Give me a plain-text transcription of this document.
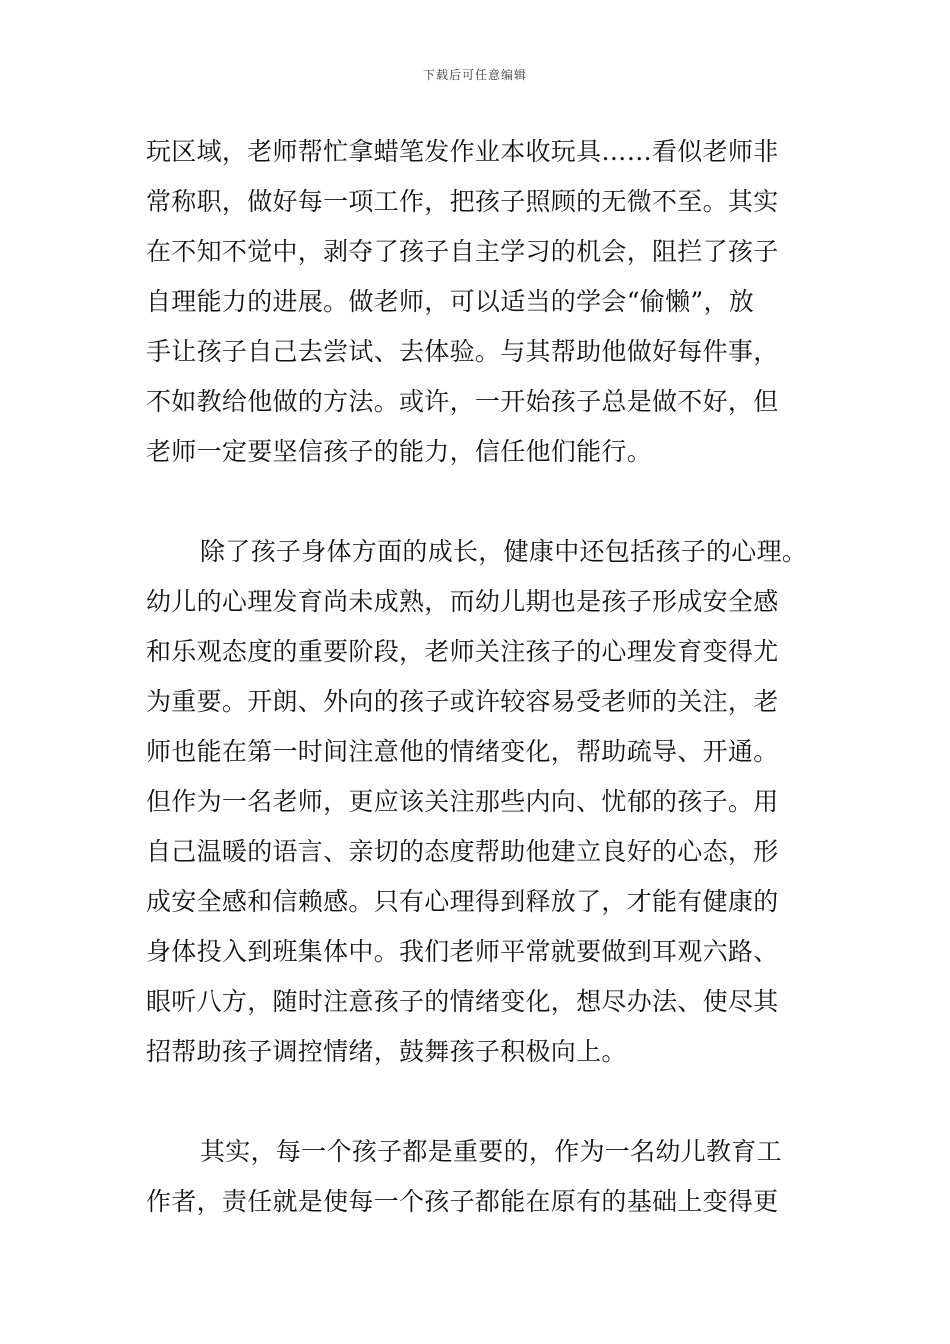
下载后可任意编辑
玩区域，老师帮忙拿蜡笔发作业本收玩具……看似老师非
常称职，做好每一项工作，把孩子照顾的无微不至。其实
在不知不觉中，剥夺了孩子自主学习的机会，阻拦了孩子
自理能力的进展。做老师，可以适当的学会“偷懒”，放
手让孩子自己去尝试、去体验。与其帮助他做好每件事，
不如教给他做的方法。或许，一开始孩子总是做不好，但
老师一定要坚信孩子的能力，信任他们能行。
除了孩子身体方面的成长，健康中还包括孩子的心理。
幼儿的心理发育尚未成熟，而幼儿期也是孩子形成安全感
和乐观态度的重要阶段，老师关注孩子的心理发育变得尤
为重要。开朗、外向的孩子或许较容易受老师的关注，老
师也能在第一时间注意他的情绪变化，帮助疏导、开通。
但作为一名老师，更应该关注那些内向、忧郁的孩子。用
自己温暖的语言、亲切的态度帮助他建立良好的心态，形
成安全感和信赖感。只有心理得到释放了，才能有健康的
身体投入到班集体中。我们老师平常就要做到耳观六路、
眼听八方，随时注意孩子的情绪变化，想尽办法、使尽其
招帮助孩子调控情绪，鼓舞孩子积极向上。
其实，每一个孩子都是重要的，作为一名幼儿教育工
作者，责任就是使每一个孩子都能在原有的基础上变得更
